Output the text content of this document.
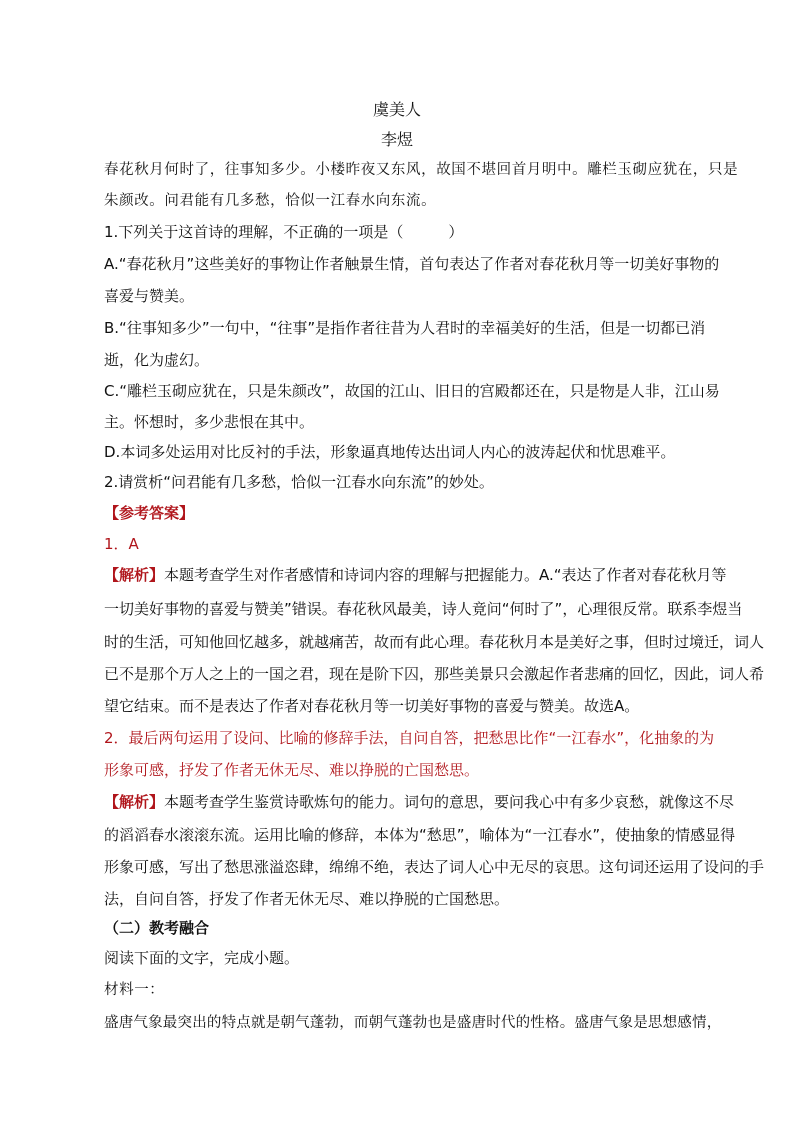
虞美人
李煜
春花秋月何时了，往事知多少。小楼昨夜又东风，故国不堪回首月明中。雕栏玉砌应犹在，只是
朱颜改。问君能有几多愁，恰似一江春水向东流。
1.下列关于这首诗的理解，不正确的一项是（　　　）
A.“春花秋月”这些美好的事物让作者触景生情，首句表达了作者对春花秋月等一切美好事物的
喜爱与赞美。
B.“往事知多少”一句中，“往事”是指作者往昔为人君时的幸福美好的生活，但是一切都已消
逝，化为虚幻。
C.“雕栏玉砌应犹在，只是朱颜改”，故国的江山、旧日的宫殿都还在，只是物是人非，江山易
主。怀想时，多少悲恨在其中。
D.本词多处运用对比反衬的手法，形象逼真地传达出词人内心的波涛起伏和忧思难平。
2.请赏析“问君能有几多愁，恰似一江春水向东流”的妙处。
【参考答案】
1．A
【解析】本题考查学生对作者感情和诗词内容的理解与把握能力。A.“表达了作者对春花秋月等
一切美好事物的喜爱与赞美”错误。春花秋风最美，诗人竟问“何时了”，心理很反常。联系李煜当
时的生活，可知他回忆越多，就越痛苦，故而有此心理。春花秋月本是美好之事，但时过境迁，词人
已不是那个万人之上的一国之君，现在是阶下囚，那些美景只会激起作者悲痛的回忆，因此，词人希
望它结束。而不是表达了作者对春花秋月等一切美好事物的喜爱与赞美。故选A。
2．最后两句运用了设问、比喻的修辞手法，自问自答，把愁思比作“一江春水”，化抽象的为
形象可感，抒发了作者无休无尽、难以挣脱的亡国愁思。
【解析】本题考查学生鉴赏诗歌炼句的能力。词句的意思，要问我心中有多少哀愁，就像这不尽
的滔滔春水滚滚东流。运用比喻的修辞，本体为“愁思”，喻体为“一江春水”，使抽象的情感显得
形象可感，写出了愁思涨溢恣肆，绵绵不绝，表达了词人心中无尽的哀思。这句词还运用了设问的手
法，自问自答，抒发了作者无休无尽、难以挣脱的亡国愁思。
（二）教考融合
阅读下面的文字，完成小题。
材料一：
盛唐气象最突出的特点就是朝气蓬勃，而朝气蓬勃也是盛唐时代的性格。盛唐气象是思想感情，
